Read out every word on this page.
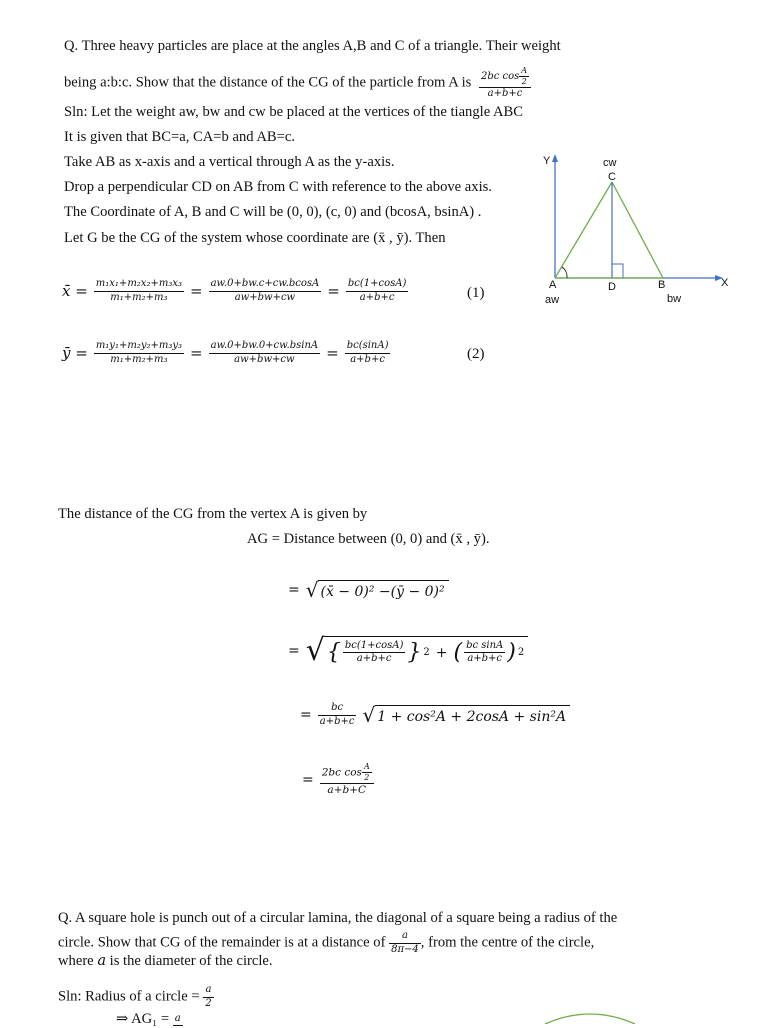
Q. Three heavy particles are place at the angles A,B and C of a triangle. Their weight
being a:b:c. Show that the distance of the CG of the particle from A is $\frac{2bc \cos \frac{A}{2}}{a+b+c}$
Sln: Let the weight aw, bw and cw be placed at the vertices of the tiangle ABC
It is given that BC=a, CA=b and AB=c.
Take AB as x-axis and a vertical through A as the y-axis.
Drop a perpendicular CD on AB from C with reference to the above axis.
The Coordinate of A, B and C will be (0, 0), (c, 0) and (bcosA, bsinA) .
Let G be the CG of the system whose coordinate are (x̄ , ȳ). Then
Y
X
cw
C
A	D	B
aw	bw
x̄ = $\frac{\text{m₁x₁+m₂x₂+m₃x₃}}{\text{m₁+m₂+m₃}} = \frac{aw.0+bw.c+cw.bcosA}{aw+bw+cw} = \frac{bc(1+\cos A)}{a+b+c}$	(1)
ȳ = $\frac{\text{m₁y₁+m₂y₂+m₃y₃}}{\text{m₁+m₂+m₃}} = \frac{aw.0+bw.0+cw.bsinA}{aw+bw+cw} = \frac{bc(\sin A)}{a+b+c}$	(2)
The distance of the CG from the vertex A is given by
AG = Distance between (0, 0) and (x̄ , ȳ).
= √ (x̄ − 0)² −(ȳ − 0)²
= √ { $\frac{bc(1+\cos A)}{a+b+c}$ } 2 + ( $\frac{\text{bc sinA}}{a+b+c}$ ) 2
= $\frac{bc}{a+b+c}$ √ 1 + cos²A + 2cosA + sin²A
= $\frac{2bc \cos \frac{A}{2}}{a+b+C}$
Q. A square hole is punch out of a circular lamina, the diagonal of a square being a radius of the
circle. Show that CG of the remainder is at a distance of $\frac{a}{8\pi-4}$ , from the centre of the circle,
where a is the diameter of the circle.
Sln: Radius of a circle = $\frac{a}{2}$
⇒ AG₁ = a
